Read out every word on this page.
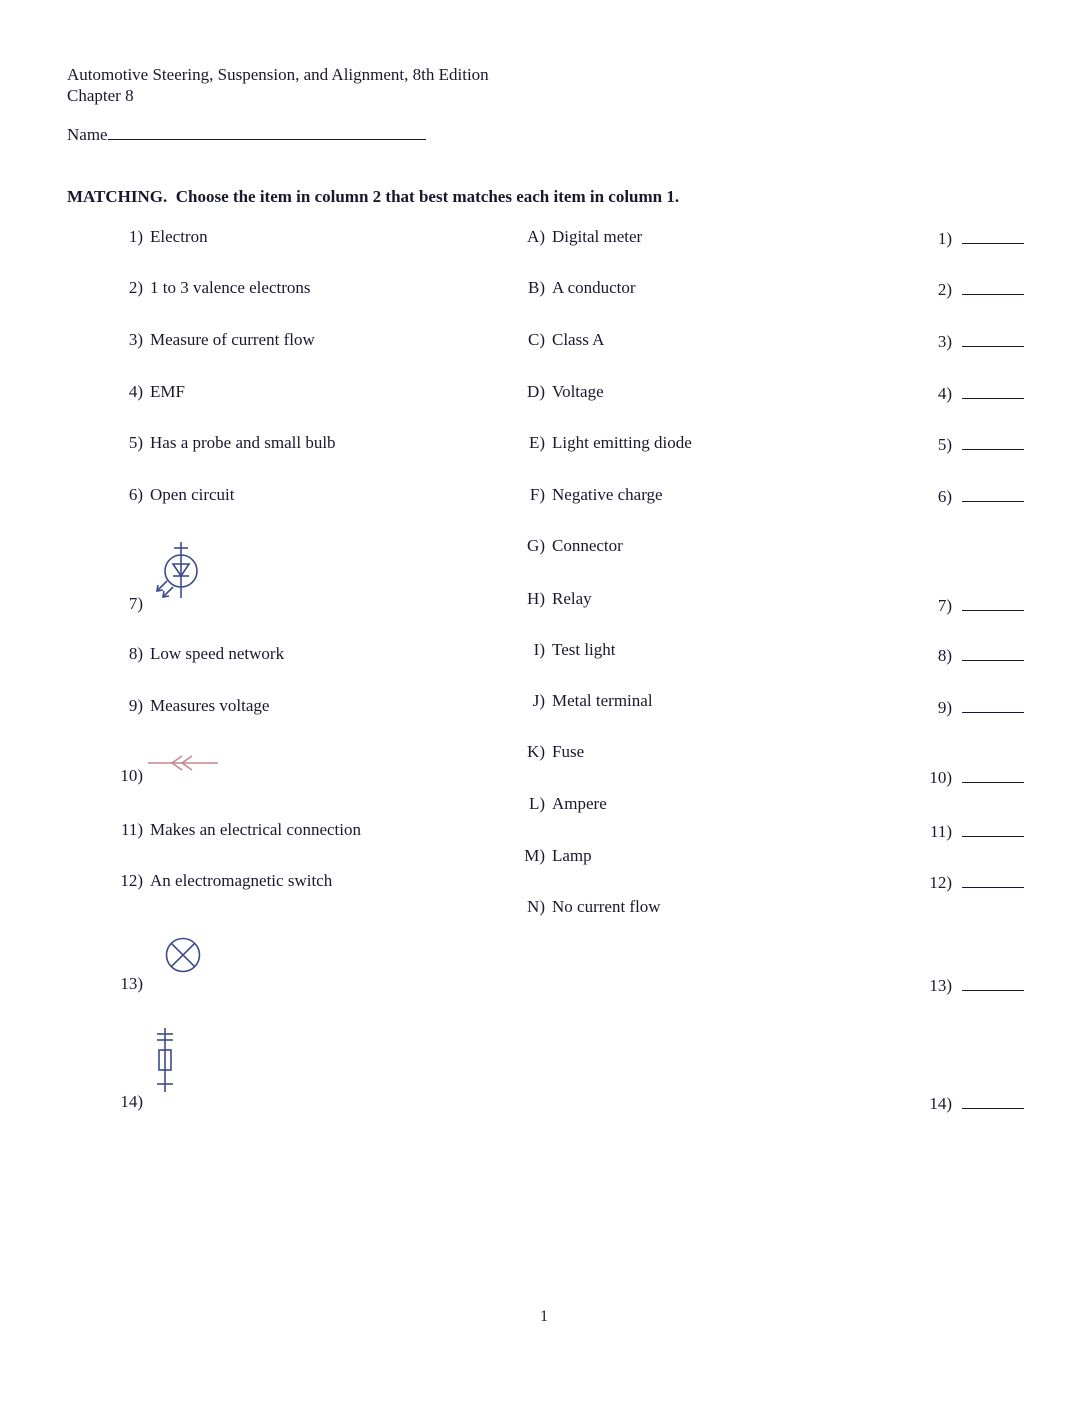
Automotive Steering, Suspension, and Alignment, 8th Edition
Chapter 8
Name
MATCHING.  Choose the item in column 2 that best matches each item in column 1.
1) Electron
2) 1 to 3 valence electrons
3) Measure of current flow
4) EMF
5) Has a probe and small bulb
6) Open circuit
7)
8) Low speed network
9) Measures voltage
10)
11) Makes an electrical connection
12) An electromagnetic switch
13)
14)
A) Digital meter
B) A conductor
C) Class A
D) Voltage
E) Light emitting diode
F) Negative charge
G) Connector
H) Relay
I) Test light
J) Metal terminal
K) Fuse
L) Ampere
M) Lamp
N) No current flow
1)
2)
3)
4)
5)
6)
7)
8)
9)
10)
11)
12)
13)
14)
1
